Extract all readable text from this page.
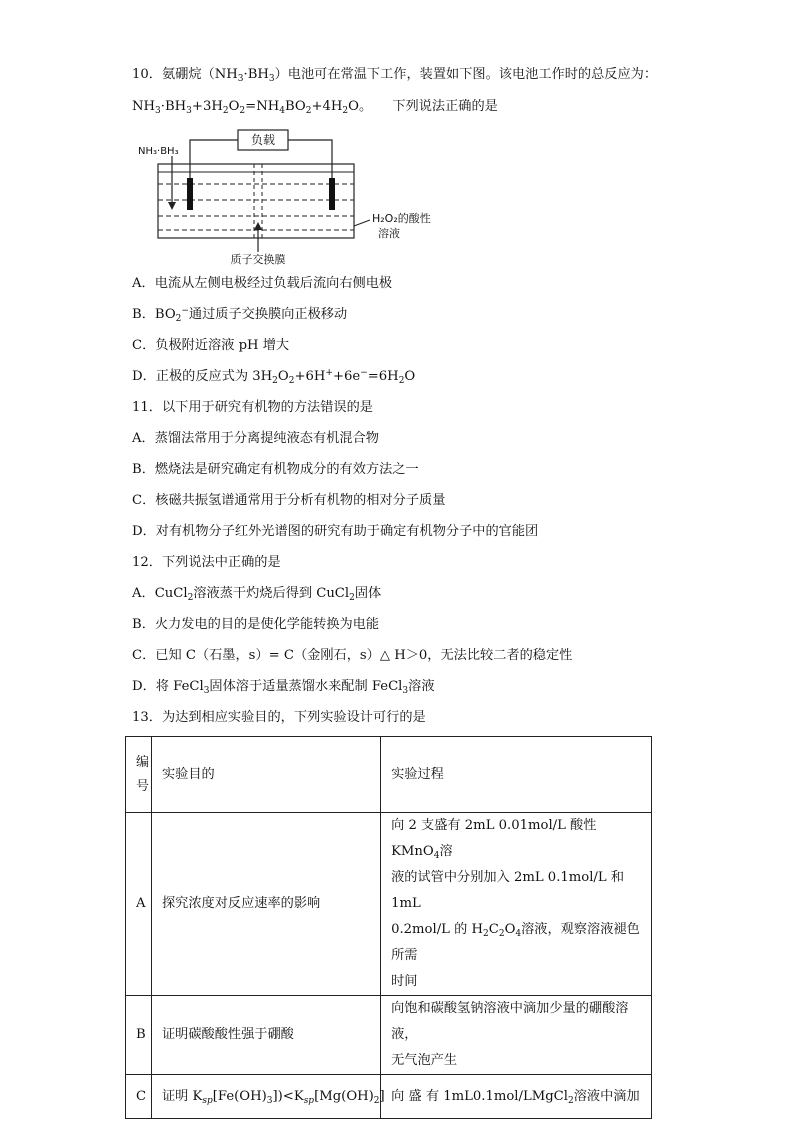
10．氨硼烷$(NH_3\cdot BH_3)$电池可在常温下工作，装置如下图。该电池工作时的总反应为：
$NH_3\cdot BH_3+3H_2O_2=NH_4BO_2+4H_2O$。 下列说法正确的是
负载
NH₃·BH₃
质子交换膜
H₂O₂的酸性
溶液
A．电流从左侧电极经过负载后流向右侧电极
B．$BO_2^-$通过质子交换膜向正极移动
C．负极附近溶液 pH 增大
D．正极的反应式为 $3H_2O_2+6H^++6e^-=6H_2O$
11．以下用于研究有机物的方法错误的是
A．蒸馏法常用于分离提纯液态有机混合物
B．燃烧法是研究确定有机物成分的有效方法之一
C．核磁共振氢谱通常用于分析有机物的相对分子质量
D．对有机物分子红外光谱图的研究有助于确定有机物分子中的官能团
12．下列说法中正确的是
A．CuCl$_2$溶液蒸干灼烧后得到 CuCl$_2$固体
B．火力发电的目的是使化学能转换为电能
C．已知 C（石墨，s）= C（金刚石，s）△ H＞0，无法比较二者的稳定性
D．将 FeCl$_3$固体溶于适量蒸馏水来配制 FeCl$_3$溶液
13．为达到相应实验目的，下列实验设计可行的是
编
号	实验目的	实验过程
A	探究浓度对反应速率的影响	向 2 支盛有 2mL 0.01mol/L 酸性 KMnO$_4$溶
液的试管中分别加入 2mL 0.1mol/L 和 1mL
0.2mol/L 的 $H_2C_2O_4$溶液，观察溶液褪色所需
时间
B	证明碳酸酸性强于硼酸	向饱和碳酸氢钠溶液中滴加少量的硼酸溶液，
无气泡产生
C	证明 $K_{sp}[Fe(OH)_3])<K_{sp}[Mg(OH)_2]$	向 盛 有 1mL0.1mol/LMgCl$_2$溶液中滴加
